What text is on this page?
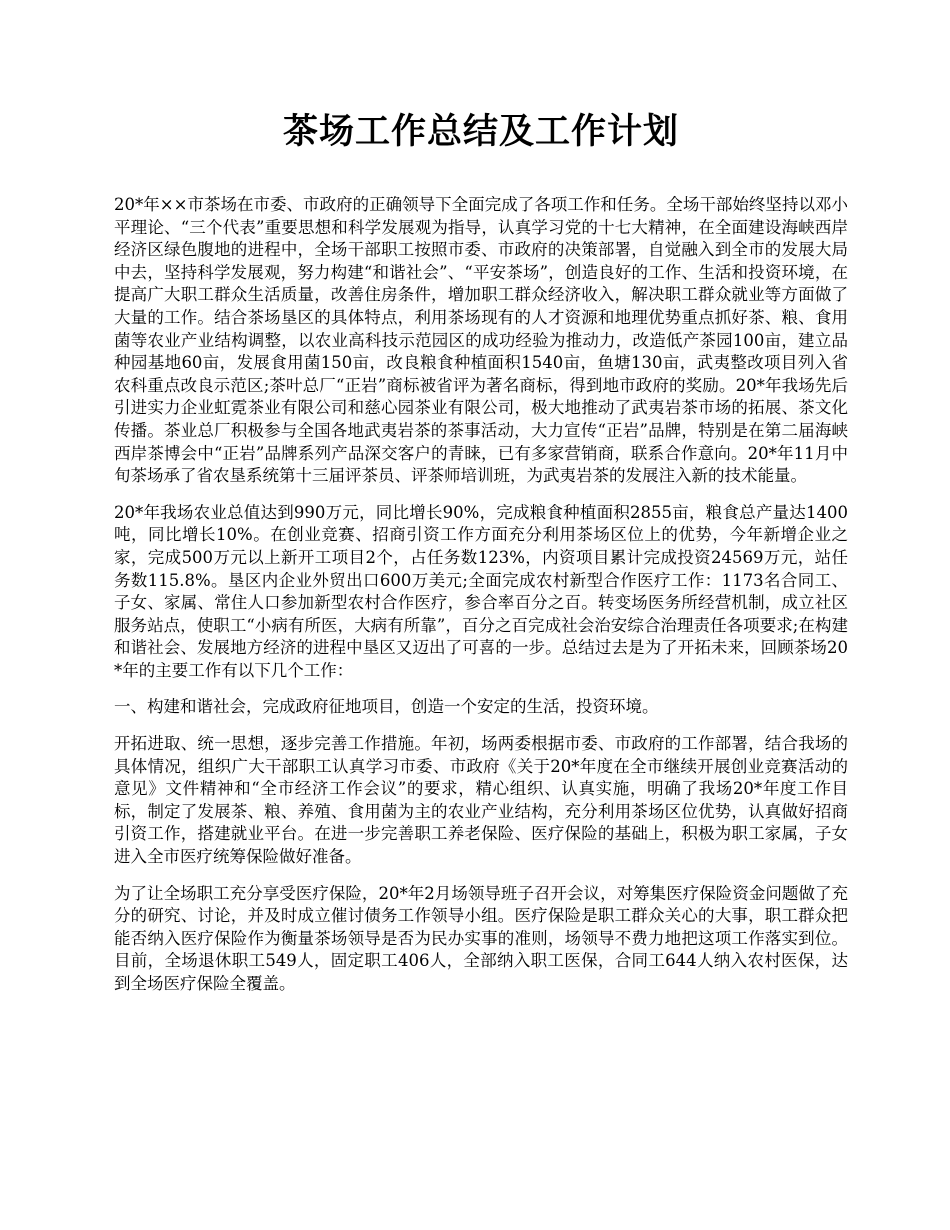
茶场工作总结及工作计划

20*年××市茶场在市委、市政府的正确领导下全面完成了各项工作和任务。全场干部始终坚持以邓小平理论、“三个代表”重要思想和科学发展观为指导，认真学习党的十七大精神，在全面建设海峡西岸经济区绿色腹地的进程中，全场干部职工按照市委、市政府的决策部署，自觉融入到全市的发展大局中去，坚持科学发展观，努力构建“和谐社会”、“平安茶场”，创造良好的工作、生活和投资环境，在提高广大职工群众生活质量，改善住房条件，增加职工群众经济收入，解决职工群众就业等方面做了大量的工作。结合茶场垦区的具体特点，利用茶场现有的人才资源和地理优势重点抓好茶、粮、食用菌等农业产业结构调整，以农业高科技示范园区的成功经验为推动力，改造低产茶园100亩，建立品种园基地60亩，发展食用菌150亩，改良粮食种植面积1540亩，鱼塘130亩，武夷整改项目列入省农科重点改良示范区;茶叶总厂“正岩”商标被省评为著名商标，得到地市政府的奖励。20*年我场先后引进实力企业虹霓茶业有限公司和慈心园茶业有限公司，极大地推动了武夷岩茶市场的拓展、茶文化传播。茶业总厂积极参与全国各地武夷岩茶的茶事活动，大力宣传“正岩”品牌，特别是在第二届海峡西岸茶博会中“正岩”品牌系列产品深交客户的青睐，已有多家营销商，联系合作意向。20*年11月中旬茶场承了省农垦系统第十三届评茶员、评茶师培训班，为武夷岩茶的发展注入新的技术能量。

20*年我场农业总值达到990万元，同比增长90%，完成粮食种植面积2855亩，粮食总产量达1400吨，同比增长10%。在创业竞赛、招商引资工作方面充分利用茶场区位上的优势，今年新增企业之家，完成500万元以上新开工项目2个，占任务数123%，内资项目累计完成投资24569万元，站任务数115.8%。垦区内企业外贸出口600万美元;全面完成农村新型合作医疗工作：1173名合同工、子女、家属、常住人口参加新型农村合作医疗，参合率百分之百。转变场医务所经营机制，成立社区服务站点，使职工“小病有所医，大病有所靠”，百分之百完成社会治安综合治理责任各项要求;在构建和谐社会、发展地方经济的进程中垦区又迈出了可喜的一步。总结过去是为了开拓未来，回顾茶场20*年的主要工作有以下几个工作：

一、构建和谐社会，完成政府征地项目，创造一个安定的生活，投资环境。

开拓进取、统一思想，逐步完善工作措施。年初，场两委根据市委、市政府的工作部署，结合我场的具体情况，组织广大干部职工认真学习市委、市政府《关于20*年度在全市继续开展创业竞赛活动的意见》文件精神和“全市经济工作会议”的要求，精心组织、认真实施，明确了我场20*年度工作目标，制定了发展茶、粮、养殖、食用菌为主的农业产业结构，充分利用茶场区位优势，认真做好招商引资工作，搭建就业平台。在进一步完善职工养老保险、医疗保险的基础上，积极为职工家属，子女进入全市医疗统筹保险做好准备。

为了让全场职工充分享受医疗保险，20*年2月场领导班子召开会议，对筹集医疗保险资金问题做了充分的研究、讨论，并及时成立催讨债务工作领导小组。医疗保险是职工群众关心的大事，职工群众把能否纳入医疗保险作为衡量茶场领导是否为民办实事的准则，场领导不费力地把这项工作落实到位。目前，全场退休职工549人，固定职工406人，全部纳入职工医保，合同工644人纳入农村医保，达到全场医疗保险全覆盖。
